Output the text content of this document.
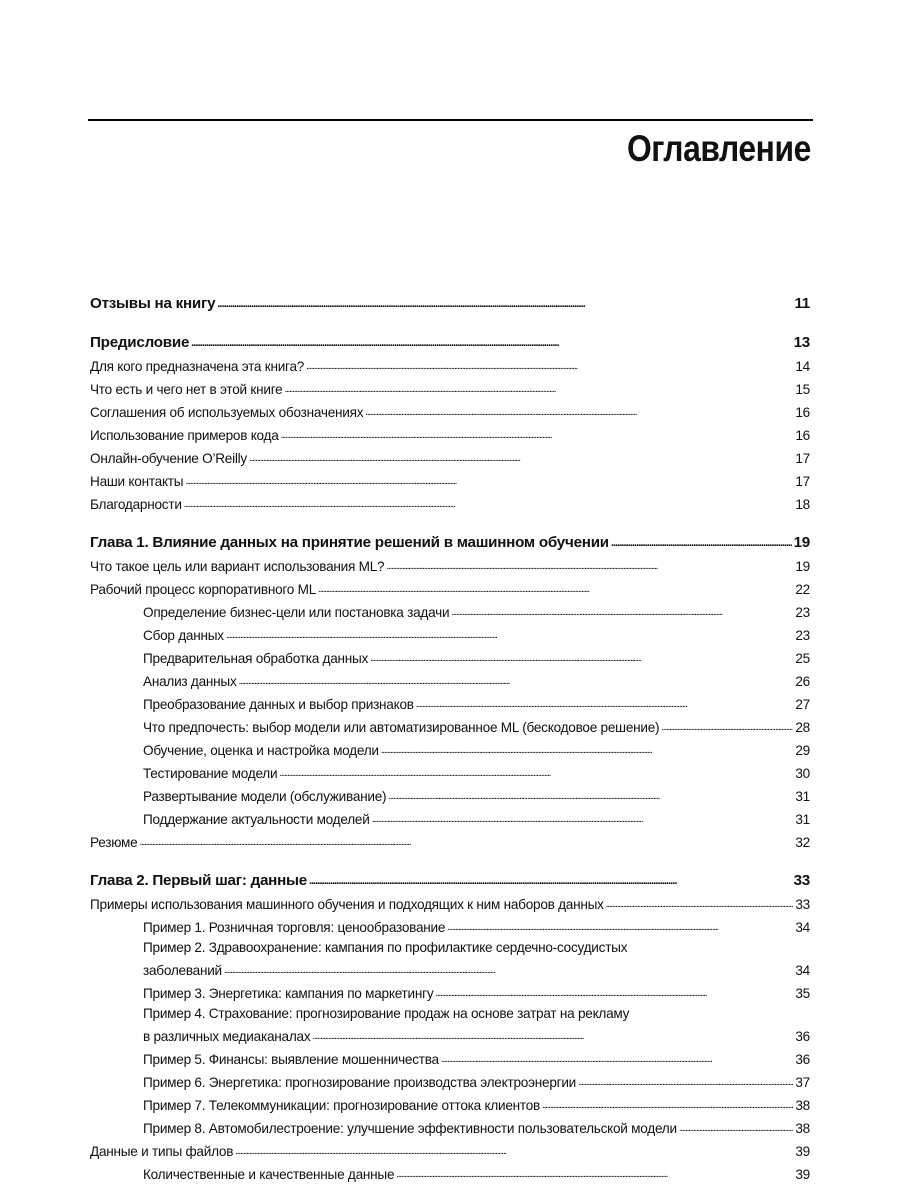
Оглавление
Отзывы на книгу . . .	11
Предисловие . . .	13
Для кого предназначена эта книга? . . .	14
Что есть и чего нет в этой книге . . .	15
Соглашения об используемых обозначениях . . .	16
Использование примеров кода . . .	16
Онлайн-обучение O’Reilly . . .	17
Наши контакты . . .	17
Благодарности . . .	18
Глава 1. Влияние данных на принятие решений в машинном обучении . . .	19
Что такое цель или вариант использования ML? . . .	19
Рабочий процесс корпоративного ML . . .	22
Определение бизнес-цели или постановка задачи . . .	23
Сбор данных . . .	23
Предварительная обработка данных . . .	25
Анализ данных . . .	26
Преобразование данных и выбор признаков . . .	27
Что предпочесть: выбор модели или автоматизированное ML (бескодовое решение) . . .	28
Обучение, оценка и настройка модели . . .	29
Тестирование модели . . .	30
Развертывание модели (обслуживание) . . .	31
Поддержание актуальности моделей . . .	31
Резюме . . .	32
Глава 2. Первый шаг: данные . . .	33
Примеры использования машинного обучения и подходящих к ним наборов данных . . .	33
Пример 1. Розничная торговля: ценообразование . . .	34
Пример 2. Здравоохранение: кампания по профилактике сердечно-сосудистых
заболеваний . . .	34
Пример 3. Энергетика: кампания по маркетингу . . .	35
Пример 4. Страхование: прогнозирование продаж на основе затрат на рекламу
в различных медиаканалах . . .	36
Пример 5. Финансы: выявление мошенничества . . .	36
Пример 6. Энергетика: прогнозирование производства электроэнергии . . .	37
Пример 7. Телекоммуникации: прогнозирование оттока клиентов . . .	38
Пример 8. Автомобилестроение: улучшение эффективности пользовательской модели . . .	38
Данные и типы файлов . . .	39
Количественные и качественные данные . . .	39
